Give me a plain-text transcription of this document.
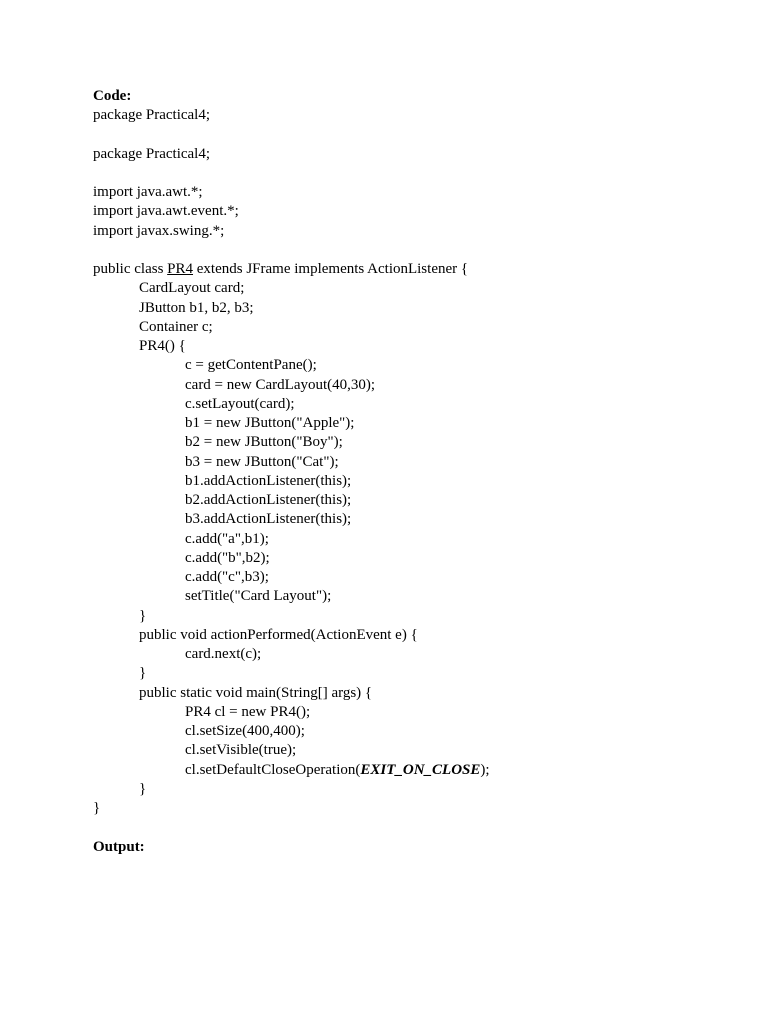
Code:
package Practical4;
package Practical4;
import java.awt.*;
import java.awt.event.*;
import javax.swing.*;
public class PR4 extends JFrame implements ActionListener {
CardLayout card;
JButton b1, b2, b3;
Container c;
PR4() {
c = getContentPane();
card = new CardLayout(40,30);
c.setLayout(card);
b1 = new JButton("Apple");
b2 = new JButton("Boy");
b3 = new JButton("Cat");
b1.addActionListener(this);
b2.addActionListener(this);
b3.addActionListener(this);
c.add("a",b1);
c.add("b",b2);
c.add("c",b3);
setTitle("Card Layout");
}
public void actionPerformed(ActionEvent e) {
card.next(c);
}
public static void main(String[] args) {
PR4 cl = new PR4();
cl.setSize(400,400);
cl.setVisible(true);
cl.setDefaultCloseOperation(EXIT_ON_CLOSE);
}
}
Output:
